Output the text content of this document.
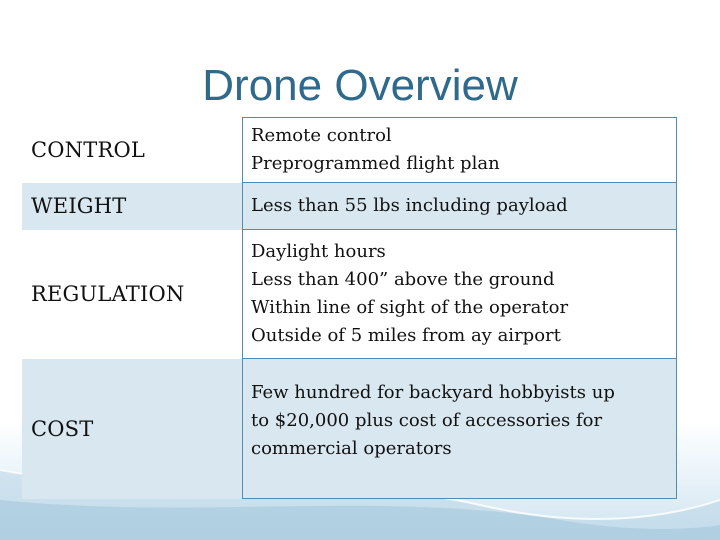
Drone Overview
CONTROL	Remote control
Preprogrammed flight plan

WEIGHT	Less than 55 lbs including payload

REGULATION	Daylight hours
Less than 400” above the ground
Within line of sight of the operator
Outside of 5 miles from ay airport

COST	Few hundred for backyard hobbyists up
to $20,000 plus cost of accessories for
commercial operators
